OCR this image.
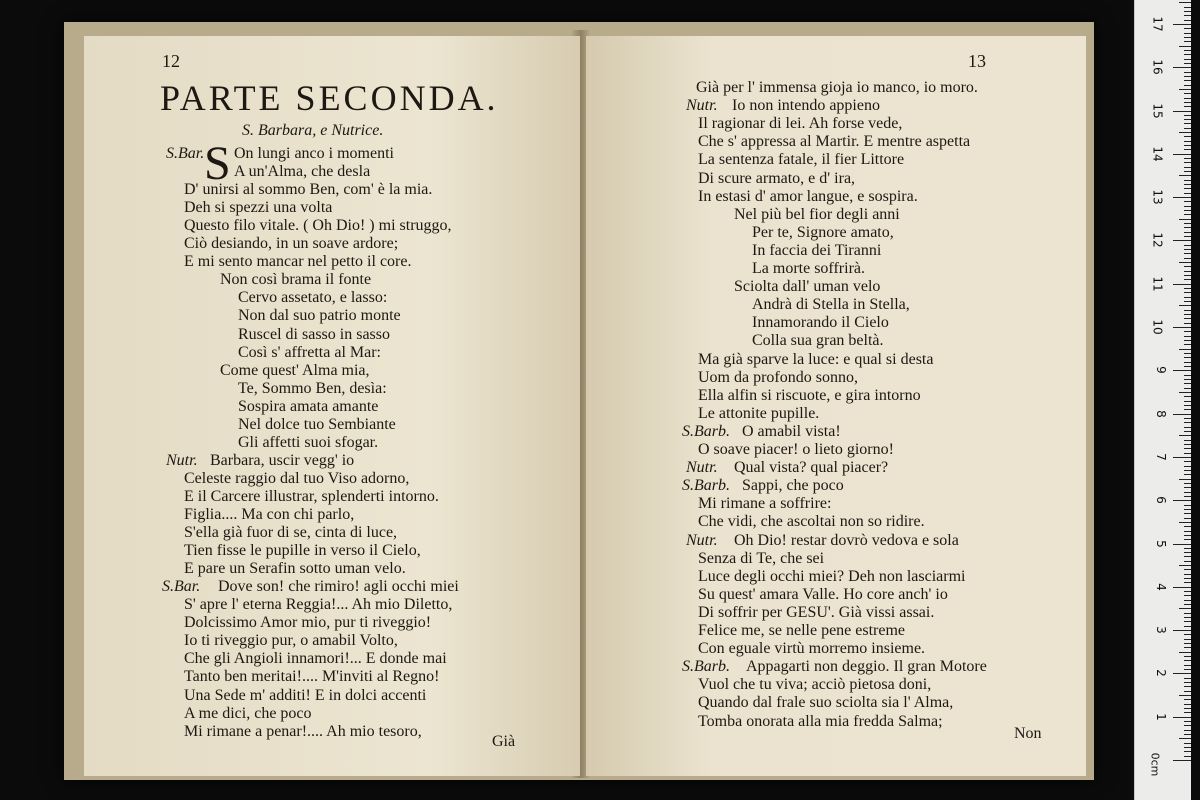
12
PARTE SECONDA.
S. Barbara, e Nutrice.
S
S.Bar. On lungi anco i momenti
A un'Alma, che desla
D' unirsi al sommo Ben, com' è la mia.
Deh si spezzi una volta
Questo filo vitale. ( Oh Dio! ) mi struggo,
Ciò desiando, in un soave ardore;
E mi sento mancar nel petto il core.
Non così brama il fonte
Cervo assetato, e lasso:
Non dal suo patrio monte
Ruscel di sasso in sasso
Così s' affretta al Mar:
Come quest' Alma mia,
Te, Sommo Ben, desìa:
Sospira amata amante
Nel dolce tuo Sembiante
Gli affetti suoi sfogar.
Nutr. Barbara, uscir vegg' io
Celeste raggio dal tuo Viso adorno,
E il Carcere illustrar, splenderti intorno.
Figlia.... Ma con chi parlo,
S'ella già fuor di se, cinta di luce,
Tien fisse le pupille in verso il Cielo,
E pare un Serafin sotto uman velo.
S.Bar. Dove son! che rimiro! agli occhi miei
S' apre l' eterna Reggia!... Ah mio Diletto,
Dolcissimo Amor mio, pur ti riveggio!
Io ti riveggio pur, o amabil Volto,
Che gli Angioli innamori!... E donde mai
Tanto ben meritai!.... M'inviti al Regno!
Una Sede m' additi! E in dolci accenti
A me dici, che poco
Mi rimane a penar!.... Ah mio tesoro,
Già
13
Già per l' immensa gioja io manco, io moro.
Nutr. Io non intendo appieno
Il ragionar di lei. Ah forse vede,
Che s' appressa al Martir. E mentre aspetta
La sentenza fatale, il fier Littore
Di scure armato, e d' ira,
In estasi d' amor langue, e sospira.
Nel più bel fior degli anni
Per te, Signore amato,
In faccia dei Tiranni
La morte soffrirà.
Sciolta dall' uman velo
Andrà di Stella in Stella,
Innamorando il Cielo
Colla sua gran beltà.
Ma già sparve la luce: e qual si desta
Uom da profondo sonno,
Ella alfin si riscuote, e gira intorno
Le attonite pupille.
S.Barb. O amabil vista!
O soave piacer! o lieto giorno!
Nutr. Qual vista? qual piacer?
S.Barb. Sappi, che poco
Mi rimane a soffrire:
Che vidi, che ascoltai non so ridire.
Nutr. Oh Dio! restar dovrò vedova e sola
Senza di Te, che sei
Luce degli occhi miei? Deh non lasciarmi
Su quest' amara Valle. Ho core anch' io
Di soffrir per GESU'. Già vissi assai.
Felice me, se nelle pene estreme
Con eguale virtù morremo insieme.
S.Barb. Appagarti non deggio. Il gran Motore
Vuol che tu viva; acciò pietosa doni,
Quando dal frale suo sciolta sia l' Alma,
Tomba onorata alla mia fredda Salma;
Non
0cm
1
2
3
4
5
6
7
8
9
10
11
12
13
14
15
16
17
